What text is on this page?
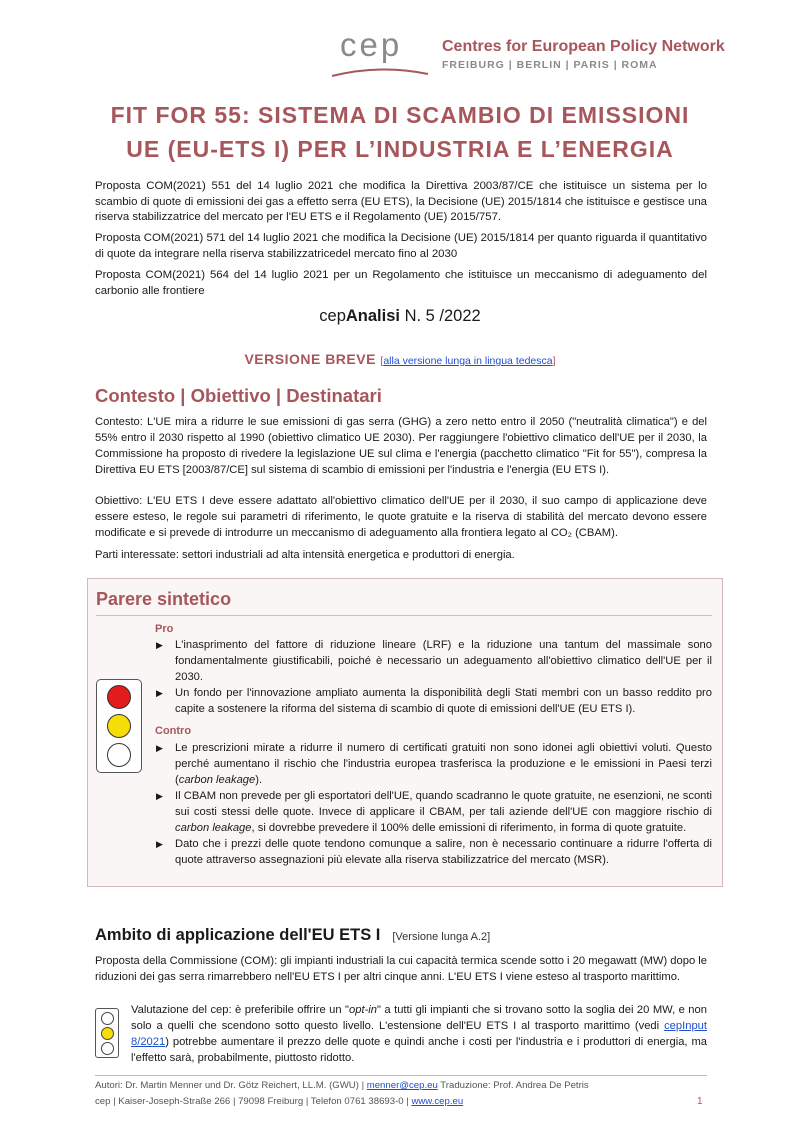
cep Centres for European Policy Network
FREIBURG | BERLIN | PARIS | ROMA
FIT FOR 55: SISTEMA DI SCAMBIO DI EMISSIONI
UE (EU-ETS I) PER L’INDUSTRIA E L’ENERGIA
Proposta COM(2021) 551 del 14 luglio 2021 che modifica la Direttiva 2003/87/CE che istituisce un sistema per lo scambio di quote di emissioni dei gas a effetto serra (EU ETS), la Decisione (UE) 2015/1814 che istituisce e gestisce una riserva stabilizzatrice del mercato per l'EU ETS e il Regolamento (UE) 2015/757.
Proposta COM(2021) 571 del 14 luglio 2021 che modifica la Decisione (UE) 2015/1814 per quanto riguarda il quantitativo di quote da integrare nella riserva stabilizzatricedel mercato fino al 2030
Proposta COM(2021) 564 del 14 luglio 2021 per un Regolamento che istituisce un meccanismo di adeguamento del carbonio alle frontiere
cepAnalisi N. 5 /2022
VERSIONE BREVE [alla versione lunga in lingua tedesca]
Contesto | Obiettivo | Destinatari
Contesto: L'UE mira a ridurre le sue emissioni di gas serra (GHG) a zero netto entro il 2050 ("neutralità climatica") e del 55% entro il 2030 rispetto al 1990 (obiettivo climatico UE 2030). Per raggiungere l'obiettivo climatico dell'UE per il 2030, la Commissione ha proposto di rivedere la legislazione UE sul clima e l'energia (pacchetto climatico "Fit for 55"), compresa la Direttiva EU ETS [2003/87/CE] sul sistema di scambio di emissioni per l'industria e l'energia (EU ETS I).
Obiettivo: L'EU ETS I deve essere adattato all'obiettivo climatico dell'UE per il 2030, il suo campo di applicazione deve essere esteso, le regole sui parametri di riferimento, le quote gratuite e la riserva di stabilità del mercato devono essere modificate e si prevede di introdurre un meccanismo di adeguamento alla frontiera legato al CO₂ (CBAM).
Parti interessate: settori industriali ad alta intensità energetica e produttori di energia.
Parere sintetico
Pro
▶ L'inasprimento del fattore di riduzione lineare (LRF) e la riduzione una tantum del massimale sono fondamentalmente giustificabili, poiché è necessario un adeguamento all'obiettivo climatico dell'UE per il 2030.
▶ Un fondo per l'innovazione ampliato aumenta la disponibilità degli Stati membri con un basso reddito pro capite a sostenere la riforma del sistema di scambio di quote di emissioni dell'UE (EU ETS I).
Contro
▶ Le prescrizioni mirate a ridurre il numero di certificati gratuiti non sono idonei agli obiettivi voluti. Questo perché aumentano il rischio che l'industria europea trasferisca la produzione e le emissioni in Paesi terzi (carbon leakage).
▶ Il CBAM non prevede per gli esportatori dell'UE, quando scadranno le quote gratuite, ne esenzioni, ne sconti sui costi stessi delle quote. Invece di applicare il CBAM, per tali aziende dell'UE con maggiore rischio di carbon leakage, si dovrebbe prevedere il 100% delle emissioni di riferimento, in forma di quote gratuite.
▶ Dato che i prezzi delle quote tendono comunque a salire, non è necessario continuare a ridurre l'offerta di quote attraverso assegnazioni più elevate alla riserva stabilizzatrice del mercato (MSR).
Ambito di applicazione dell'EU ETS I [Versione lunga A.2]
Proposta della Commissione (COM): gli impianti industriali la cui capacità termica scende sotto i 20 megawatt (MW) dopo le riduzioni dei gas serra rimarrebbero nell'EU ETS I per altri cinque anni. L'EU ETS I viene esteso al trasporto marittimo.
Valutazione del cep: è preferibile offrire un "opt-in" a tutti gli impianti che si trovano sotto la soglia dei 20 MW, e non solo a quelli che scendono sotto questo livello. L'estensione dell'EU ETS I al trasporto marittimo (vedi cepInput 8/2021) potrebbe aumentare il prezzo delle quote e quindi anche i costi per l'industria e i produttori di energia, ma l'effetto sarà, probabilmente, piuttosto ridotto.
Autori: Dr. Martin Menner und Dr. Götz Reichert, LL.M. (GWU) | menner@cep.eu Traduzione: Prof. Andrea De Petris
cep | Kaiser-Joseph-Straße 266 | 79098 Freiburg | Telefon 0761 38693-0 | www.cep.eu	1
